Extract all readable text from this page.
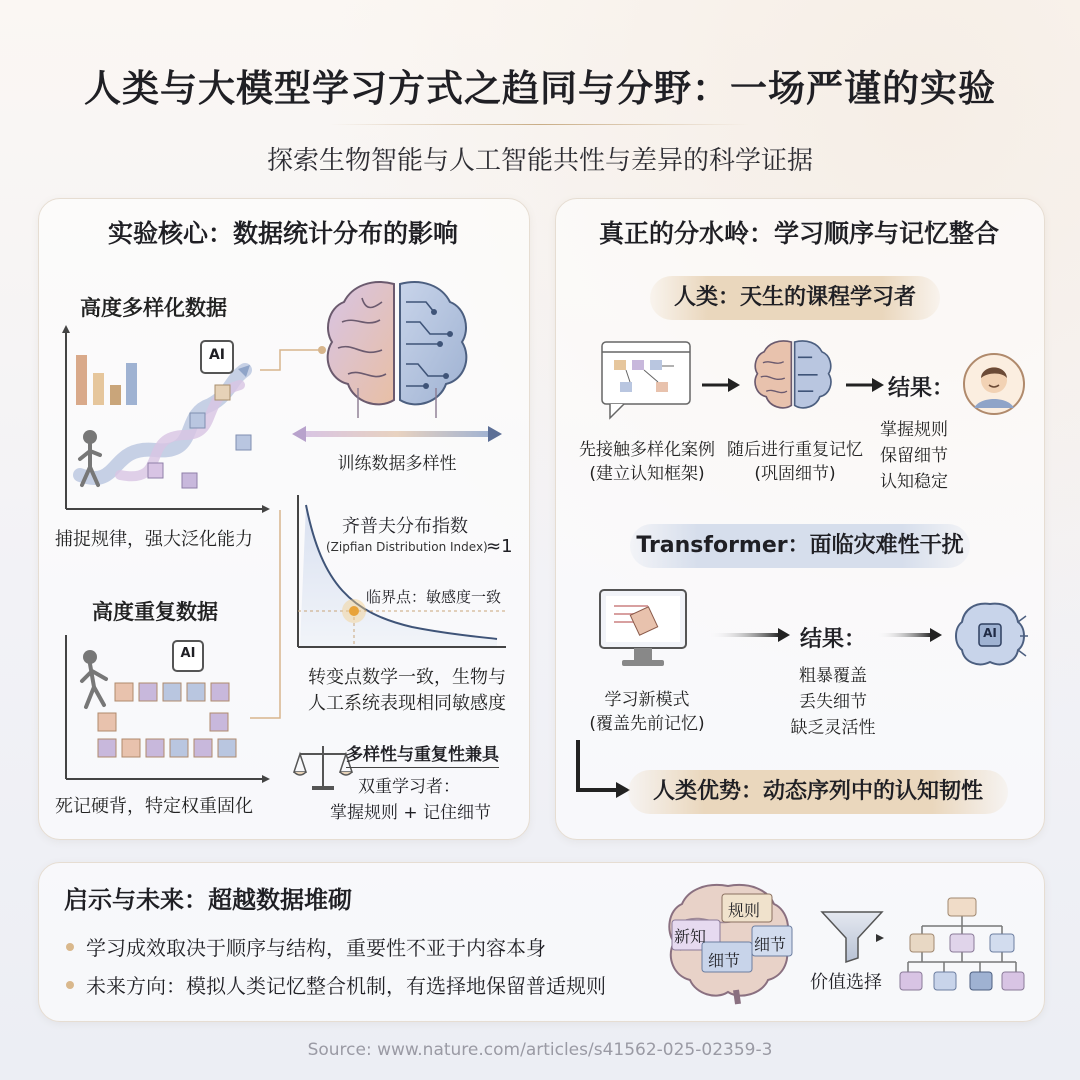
人类与大模型学习方式之趋同与分野：一场严谨的实验
探索生物智能与人工智能共性与差异的科学证据
实验核心：数据统计分布的影响
高度多样化数据
AI
捕捉规律，强大泛化能力
高度重复数据
AI
死记硬背，特定权重固化
训练数据多样性
齐普夫分布指数
(Zipfian Distribution Index)
≈1
临界点：敏感度一致
转变点数学一致，生物与
人工系统表现相同敏感度
多样性与重复性兼具
双重学习者：
掌握规则 + 记住细节
真正的分水岭：学习顺序与记忆整合
人类：天生的课程学习者
结果：
先接触多样化案例
(建立认知框架)
随后进行重复记忆
(巩固细节)
掌握规则
保留细节
认知稳定
Transformer：面临灾难性干扰
结果：	AI
学习新模式
(覆盖先前记忆)
粗暴覆盖
丢失细节
缺乏灵活性
人类优势：动态序列中的认知韧性
启示与未来：超越数据堆砌
学习成效取决于顺序与结构，重要性不亚于内容本身
未来方向：模拟人类记忆整合机制，有选择地保留普适规则
规则
新知	细节
细节
价值选择
Source: www.nature.com/articles/s41562-025-02359-3
